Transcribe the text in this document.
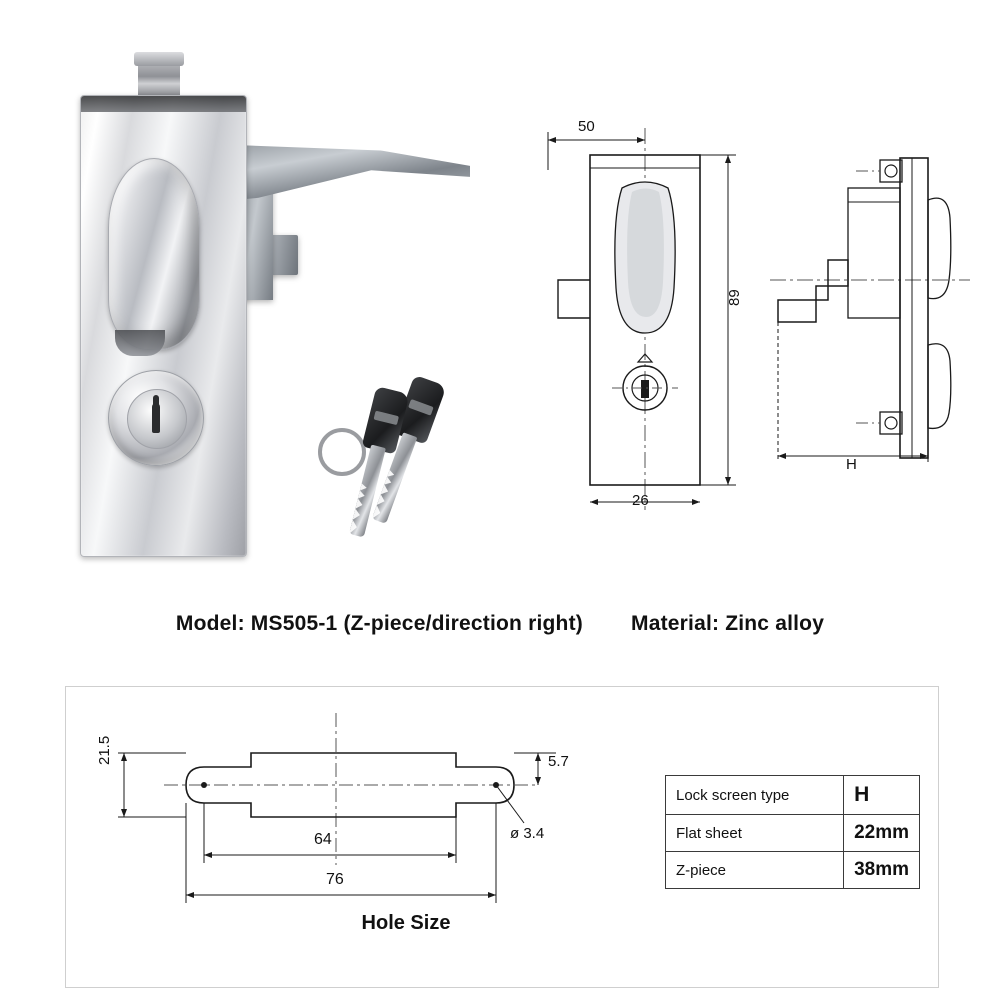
50
26
89
H
Model: MS505-1 (Z-piece/direction right) Material: Zinc alloy
21.5	5.7
ø 3.4
64
76
Hole Size
Lock screen type	H
Flat sheet	22mm
Z-piece	38mm
